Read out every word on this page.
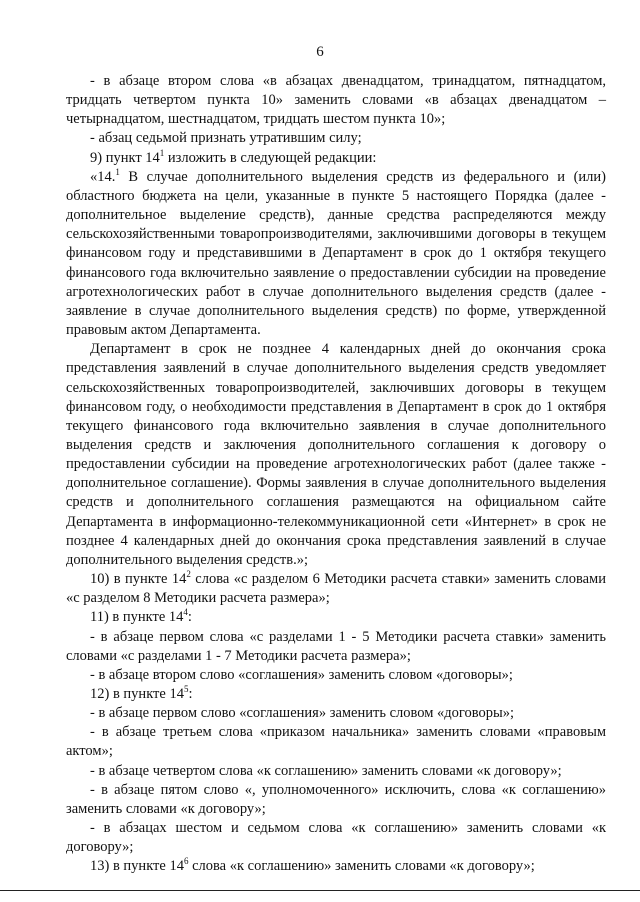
6

- в абзаце втором слова «в абзацах двенадцатом, тринадцатом, пятнадцатом, тридцать четвертом пункта 10» заменить словами «в абзацах двенадцатом – четырнадцатом, шестнадцатом, тридцать шестом пункта 10»;

- абзац седьмой признать утратившим силу;

9) пункт $14^1$ изложить в следующей редакции:

«14.$^1$ В случае дополнительного выделения средств из федерального и (или) областного бюджета на цели, указанные в пункте 5 настоящего Порядка (далее - дополнительное выделение средств), данные средства распределяются между сельскохозяйственными товаропроизводителями, заключившими договоры в текущем финансовом году и представившими в Департамент в срок до 1 октября текущего финансового года включительно заявление о предоставлении субсидии на проведение агротехнологических работ в случае дополнительного выделения средств (далее - заявление в случае дополнительного выделения средств) по форме, утвержденной правовым актом Департамента.

Департамент в срок не позднее 4 календарных дней до окончания срока представления заявлений в случае дополнительного выделения средств уведомляет сельскохозяйственных товаропроизводителей, заключивших договоры в текущем финансовом году, о необходимости представления в Департамент в срок до 1 октября текущего финансового года включительно заявления в случае дополнительного выделения средств и заключения дополнительного соглашения к договору о предоставлении субсидии на проведение агротехнологических работ (далее также - дополнительное соглашение). Формы заявления в случае дополнительного выделения средств и дополнительного соглашения размещаются на официальном сайте Департамента в информационно-телекоммуникационной сети «Интернет» в срок не позднее 4 календарных дней до окончания срока представления заявлений в случае дополнительного выделения средств.»;

10) в пункте $14^2$ слова «с разделом 6 Методики расчета ставки» заменить словами «с разделом 8 Методики расчета размера»;

11) в пункте $14^4$:

- в абзаце первом слова «с разделами 1 - 5 Методики расчета ставки» заменить словами «с разделами 1 - 7 Методики расчета размера»;

- в абзаце втором слово «соглашения» заменить словом «договоры»;

12) в пункте $14^5$:

- в абзаце первом слово «соглашения» заменить словом «договоры»;

- в абзаце третьем слова «приказом начальника» заменить словами «правовым актом»;

- в абзаце четвертом слова «к соглашению» заменить словами «к договору»;

- в абзаце пятом слово «, уполномоченного» исключить, слова «к соглашению» заменить словами «к договору»;

- в абзацах шестом и седьмом слова «к соглашению» заменить словами «к договору»;

13) в пункте $14^6$ слова «к соглашению» заменить словами «к договору»;
